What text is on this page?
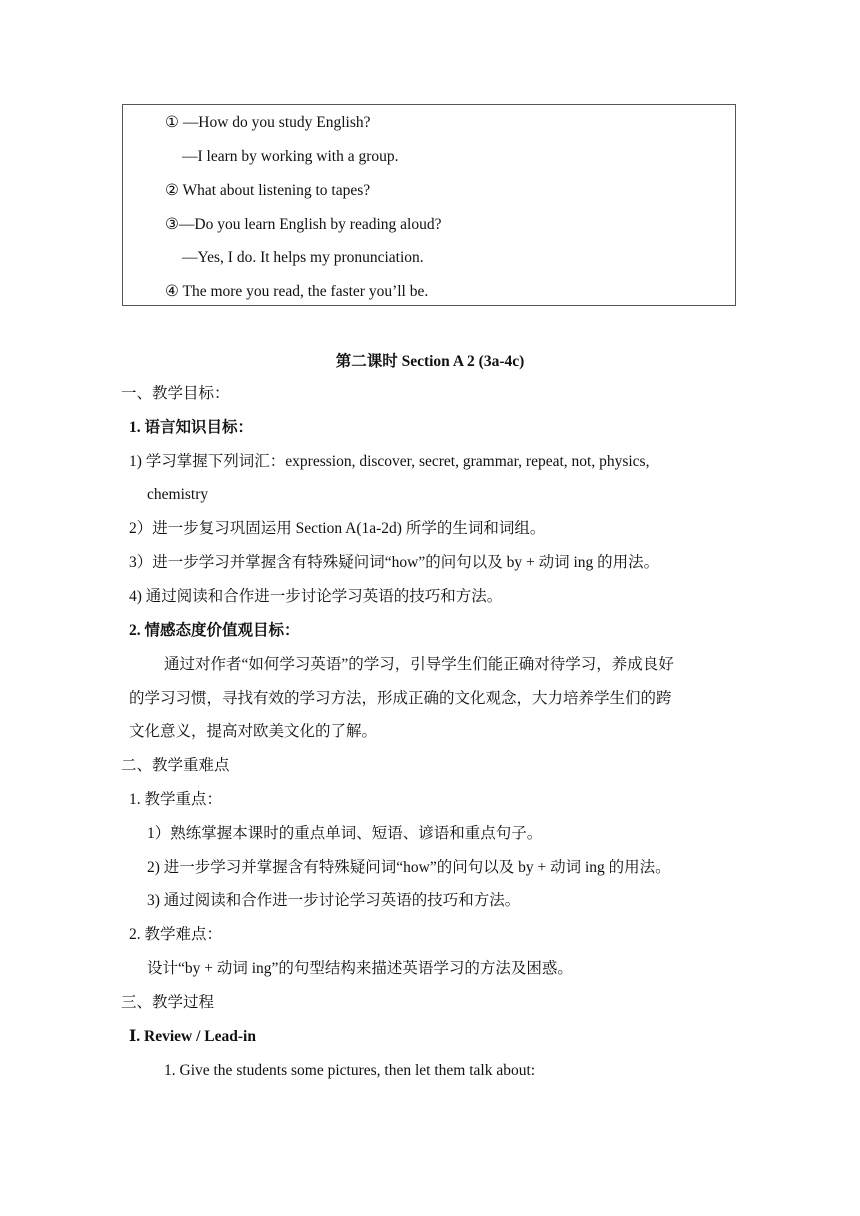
① —How do you study English?
—I learn by working with a group.
② What about listening to tapes?
③—Do you learn English by reading aloud?
—Yes, I do. It helps my pronunciation.
④ The more you read, the faster you’ll be.
第二课时 Section A 2 (3a-4c)
一、教学目标：
1. 语言知识目标：
1) 学习掌握下列词汇：expression, discover, secret, grammar, repeat, not, physics,
chemistry
2）进一步复习巩固运用 Section A(1a-2d) 所学的生词和词组。
3）进一步学习并掌握含有特殊疑问词“how”的问句以及 by + 动词 ing 的用法。
4) 通过阅读和合作进一步讨论学习英语的技巧和方法。
2. 情感态度价值观目标：
通过对作者“如何学习英语”的学习，引导学生们能正确对待学习，养成良好
的学习习惯，寻找有效的学习方法，形成正确的文化观念，大力培养学生们的跨
文化意义，提高对欧美文化的了解。
二、教学重难点
1. 教学重点：
1）熟练掌握本课时的重点单词、短语、谚语和重点句子。
2) 进一步学习并掌握含有特殊疑问词“how”的问句以及 by + 动词 ing 的用法。
3) 通过阅读和合作进一步讨论学习英语的技巧和方法。
2. 教学难点：
设计“by + 动词 ing”的句型结构来描述英语学习的方法及困惑。
三、教学过程
Ⅰ. Review / Lead-in
1. Give the students some pictures, then let them talk about:
